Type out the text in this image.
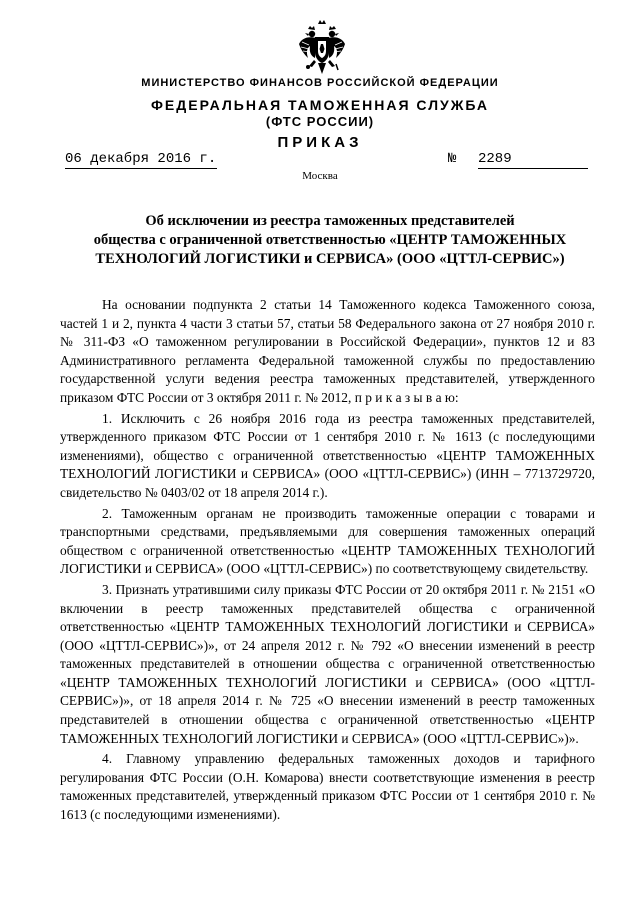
МИНИСТЕРСТВО ФИНАНСОВ РОССИЙСКОЙ ФЕДЕРАЦИИ
ФЕДЕРАЛЬНАЯ ТАМОЖЕННАЯ СЛУЖБА
(ФТС РОССИИ)
ПРИКАЗ
06 декабря 2016 г.	№ 2289
Москва
Об исключении из реестра таможенных представителей
общества с ограниченной ответственностью «ЦЕНТР ТАМОЖЕННЫХ
ТЕХНОЛОГИЙ ЛОГИСТИКИ и СЕРВИСА» (ООО «ЦТТЛ-СЕРВИС»)

На основании подпункта 2 статьи 14 Таможенного кодекса Таможенного союза, частей 1 и 2, пункта 4 части 3 статьи 57, статьи 58 Федерального закона от 27 ноября 2010 г. № 311-ФЗ «О таможенном регулировании в Российской Федерации», пунктов 12 и 83 Административного регламента Федеральной таможенной службы по предоставлению государственной услуги ведения реестра таможенных представителей, утвержденного приказом ФТС России от 3 октября 2011 г. № 2012, п р и к а з ы в а ю:

1. Исключить с 26 ноября 2016 года из реестра таможенных представителей, утвержденного приказом ФТС России от 1 сентября 2010 г. № 1613 (с последующими изменениями), общество с ограниченной ответственностью «ЦЕНТР ТАМОЖЕННЫХ ТЕХНОЛОГИЙ ЛОГИСТИКИ и СЕРВИСА» (ООО «ЦТТЛ-СЕРВИС») (ИНН – 7713729720, свидетельство № 0403/02 от 18 апреля 2014 г.).

2. Таможенным органам не производить таможенные операции с товарами и транспортными средствами, предъявляемыми для совершения таможенных операций обществом с ограниченной ответственностью «ЦЕНТР ТАМОЖЕННЫХ ТЕХНОЛОГИЙ ЛОГИСТИКИ и СЕРВИСА» (ООО «ЦТТЛ-СЕРВИС») по соответствующему свидетельству.

3. Признать утратившими силу приказы ФТС России от 20 октября 2011 г. № 2151 «О включении в реестр таможенных представителей общества с ограниченной ответственностью «ЦЕНТР ТАМОЖЕННЫХ ТЕХНОЛОГИЙ ЛОГИСТИКИ и СЕРВИСА» (ООО «ЦТТЛ-СЕРВИС»)», от 24 апреля 2012 г. № 792 «О внесении изменений в реестр таможенных представителей в отношении общества с ограниченной ответственностью «ЦЕНТР ТАМОЖЕННЫХ ТЕХНОЛОГИЙ ЛОГИСТИКИ и СЕРВИСА» (ООО «ЦТТЛ-СЕРВИС»)», от 18 апреля 2014 г. № 725 «О внесении изменений в реестр таможенных представителей в отношении общества с ограниченной ответственностью «ЦЕНТР ТАМОЖЕННЫХ ТЕХНОЛОГИЙ ЛОГИСТИКИ и СЕРВИСА» (ООО «ЦТТЛ-СЕРВИС»)».

4. Главному управлению федеральных таможенных доходов и тарифного регулирования ФТС России (О.Н. Комарова) внести соответствующие изменения в реестр таможенных представителей, утвержденный приказом ФТС России от 1 сентября 2010 г. № 1613 (с последующими изменениями).
